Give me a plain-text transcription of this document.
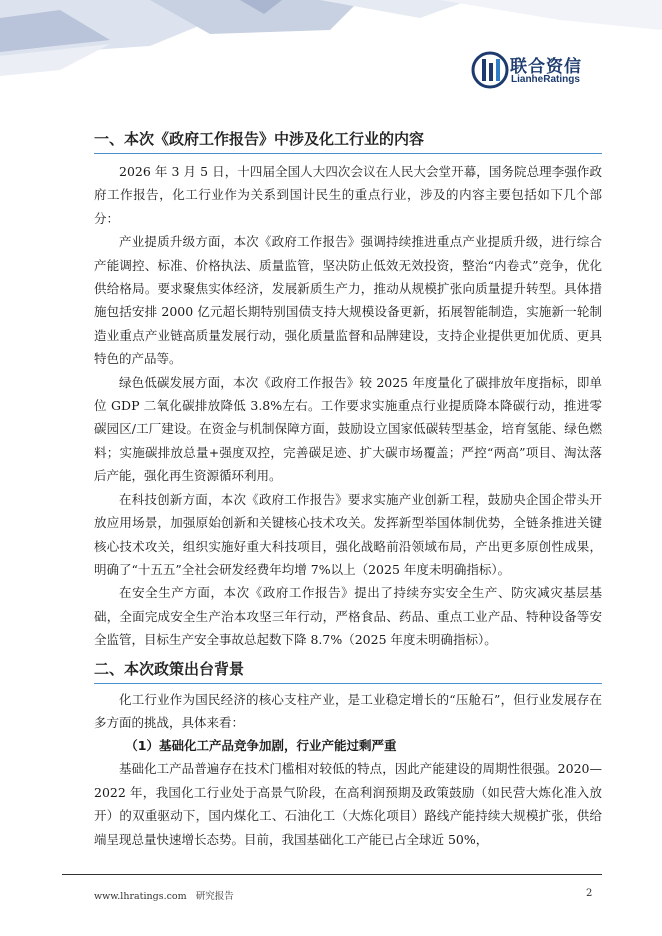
联合资信
LianheRatings
一、本次《政府工作报告》中涉及化工行业的内容

2026 年 3 月 5 日，十四届全国人大四次会议在人民大会堂开幕，国务院总理李强作政府工作报告，化工行业作为关系到国计民生的重点行业，涉及的内容主要包括如下几个部分：

产业提质升级方面，本次《政府工作报告》强调持续推进重点产业提质升级，进行综合产能调控、标准、价格执法、质量监管，坚决防止低效无效投资，整治“内卷式”竞争，优化供给格局。要求聚焦实体经济，发展新质生产力，推动从规模扩张向质量提升转型。具体措施包括安排 2000 亿元超长期特别国债支持大规模设备更新，拓展智能制造，实施新一轮制造业重点产业链高质量发展行动，强化质量监督和品牌建设，支持企业提供更加优质、更具特色的产品等。

绿色低碳发展方面，本次《政府工作报告》较 2025 年度量化了碳排放年度指标，即单位 GDP 二氧化碳排放降低 3.8%左右。工作要求实施重点行业提质降本降碳行动，推进零碳园区/工厂建设。在资金与机制保障方面，鼓励设立国家低碳转型基金，培育氢能、绿色燃料；实施碳排放总量+强度双控，完善碳足迹、扩大碳市场覆盖；严控“两高”项目、淘汰落后产能，强化再生资源循环利用。

在科技创新方面，本次《政府工作报告》要求实施产业创新工程，鼓励央企国企带头开放应用场景，加强原始创新和关键核心技术攻关。发挥新型举国体制优势，全链条推进关键核心技术攻关，组织实施好重大科技项目，强化战略前沿领域布局，产出更多原创性成果，明确了“十五五”全社会研发经费年均增 7%以上（2025 年度未明确指标）。

在安全生产方面，本次《政府工作报告》提出了持续夯实安全生产、防灾减灾基层基础，全面完成安全生产治本攻坚三年行动，严格食品、药品、重点工业产品、特种设备等安全监管，目标生产安全事故总起数下降 8.7%（2025 年度未明确指标）。

二、本次政策出台背景

化工行业作为国民经济的核心支柱产业，是工业稳定增长的“压舱石”，但行业发展存在多方面的挑战，具体来看：

（1）基础化工产品竞争加剧，行业产能过剩严重

基础化工产品普遍存在技术门槛相对较低的特点，因此产能建设的周期性很强。2020—2022 年，我国化工行业处于高景气阶段，在高利润预期及政策鼓励（如民营大炼化准入放开）的双重驱动下，国内煤化工、石油化工（大炼化项目）路线产能持续大规模扩张，供给端呈现总量快速增长态势。目前，我国基础化工产能已占全球近 50%，

www.lhratings.com 研究报告	2
